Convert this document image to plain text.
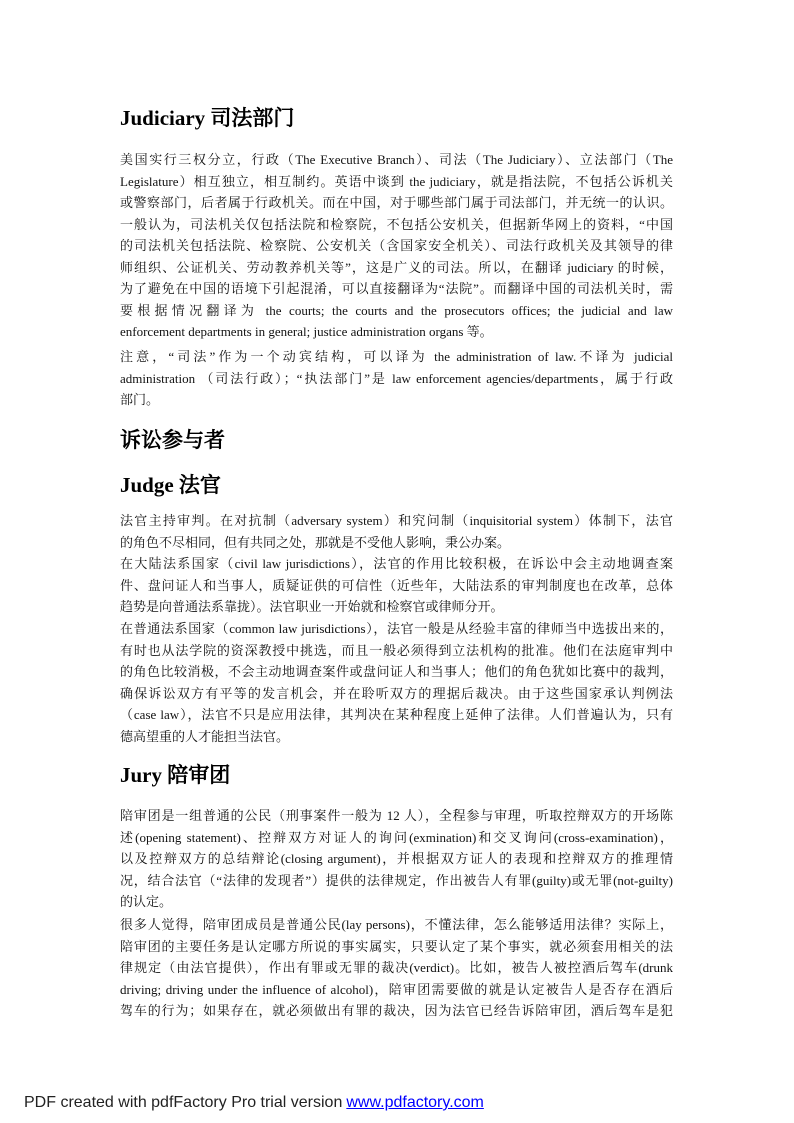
Judiciary 司法部门
美国实行三权分立，行政（The Executive Branch）、司法（The Judiciary）、立法部门（The
Legislature）相互独立，相互制约。英语中谈到 the judiciary，就是指法院，不包括公诉机关
或警察部门，后者属于行政机关。而在中国，对于哪些部门属于司法部门，并无统一的认识。
一般认为，司法机关仅包括法院和检察院，不包括公安机关，但据新华网上的资料，“中国
的司法机关包括法院、检察院、公安机关（含国家安全机关）、司法行政机关及其领导的律
师组织、公证机关、劳动教养机关等”，这是广义的司法。所以，在翻译 judiciary 的时候，
为了避免在中国的语境下引起混淆，可以直接翻译为“法院”。而翻译中国的司法机关时，需
要根据情况翻译为 the courts; the courts and the prosecutors offices; the judicial and law
enforcement departments in general; justice administration organs 等。
注意，“司法”作为一个动宾结构，可以译为 the administration of law.不译为 judicial
administration （司法行政）；“执法部门”是 law enforcement agencies/departments，属于行政
部门。
诉讼参与者
Judge 法官
法官主持审判。在对抗制（adversary system）和究问制（inquisitorial system）体制下，法官
的角色不尽相同，但有共同之处，那就是不受他人影响，秉公办案。
在大陆法系国家（civil law jurisdictions），法官的作用比较积极，在诉讼中会主动地调查案
件、盘问证人和当事人，质疑证供的可信性（近些年，大陆法系的审判制度也在改革，总体
趋势是向普通法系靠拢）。法官职业一开始就和检察官或律师分开。
在普通法系国家（common law jurisdictions），法官一般是从经验丰富的律师当中选拔出来的，
有时也从法学院的资深教授中挑选，而且一般必须得到立法机构的批准。他们在法庭审判中
的角色比较消极，不会主动地调查案件或盘问证人和当事人；他们的角色犹如比赛中的裁判，
确保诉讼双方有平等的发言机会，并在聆听双方的理据后裁决。由于这些国家承认判例法
（case law），法官不只是应用法律，其判决在某种程度上延伸了法律。人们普遍认为，只有
德高望重的人才能担当法官。
Jury 陪审团
陪审团是一组普通的公民（刑事案件一般为 12 人），全程参与审理，听取控辩双方的开场陈
述(opening statement)、控辩双方对证人的询问(exmination)和交叉询问(cross-examination)，
以及控辩双方的总结辩论(closing argument)，并根据双方证人的表现和控辩双方的推理情
况，结合法官（“法律的发现者”）提供的法律规定，作出被告人有罪(guilty)或无罪(not-guilty)
的认定。
很多人觉得，陪审团成员是普通公民(lay persons)，不懂法律，怎么能够适用法律？实际上，
陪审团的主要任务是认定哪方所说的事实属实，只要认定了某个事实，就必须套用相关的法
律规定（由法官提供），作出有罪或无罪的裁决(verdict)。比如，被告人被控酒后驾车(drunk
driving; driving under the influence of alcohol)，陪审团需要做的就是认定被告人是否存在酒后
驾车的行为；如果存在，就必须做出有罪的裁决，因为法官已经告诉陪审团，酒后驾车是犯
PDF created with pdfFactory Pro trial version www.pdfactory.com
